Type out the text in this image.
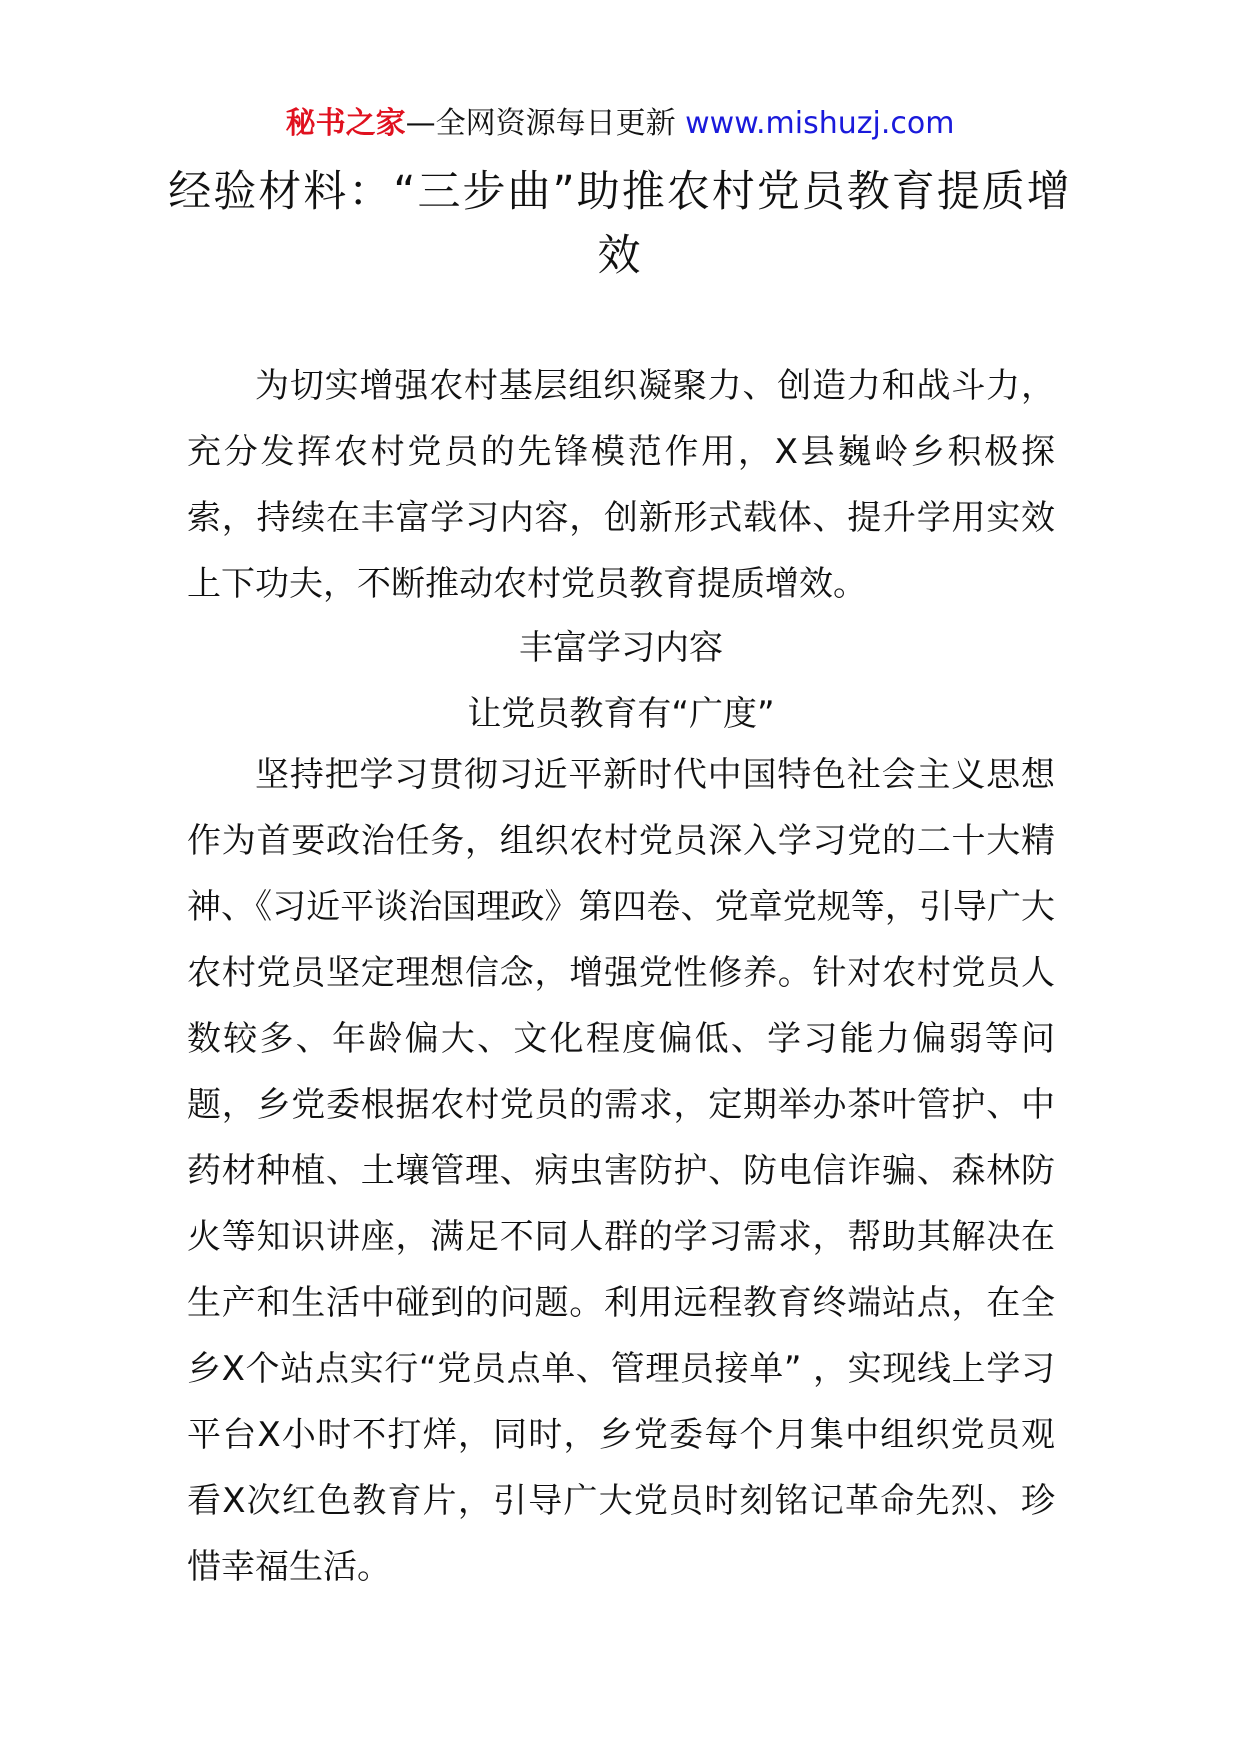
秘书之家—全网资源每日更新 www.mishuzj.com
经验材料：“三步曲”助推农村党员教育提质增效

为切实增强农村基层组织凝聚力、创造力和战斗力，充分发挥农村党员的先锋模范作用，X县巍岭乡积极探索，持续在丰富学习内容，创新形式载体、提升学用实效上下功夫，不断推动农村党员教育提质增效。

丰富学习内容

让党员教育有“广度”

坚持把学习贯彻习近平新时代中国特色社会主义思想作为首要政治任务，组织农村党员深入学习党的二十大精神、《习近平谈治国理政》第四卷、党章党规等，引导广大农村党员坚定理想信念，增强党性修养。针对农村党员人数较多、年龄偏大、文化程度偏低、学习能力偏弱等问题，乡党委根据农村党员的需求，定期举办茶叶管护、中药材种植、土壤管理、病虫害防护、防电信诈骗、森林防火等知识讲座，满足不同人群的学习需求，帮助其解决在生产和生活中碰到的问题。利用远程教育终端站点，在全乡X个站点实行“党员点单、管理员接单” ，实现线上学习平台X小时不打烊，同时，乡党委每个月集中组织党员观看X次红色教育片，引导广大党员时刻铭记革命先烈、珍惜幸福生活。
